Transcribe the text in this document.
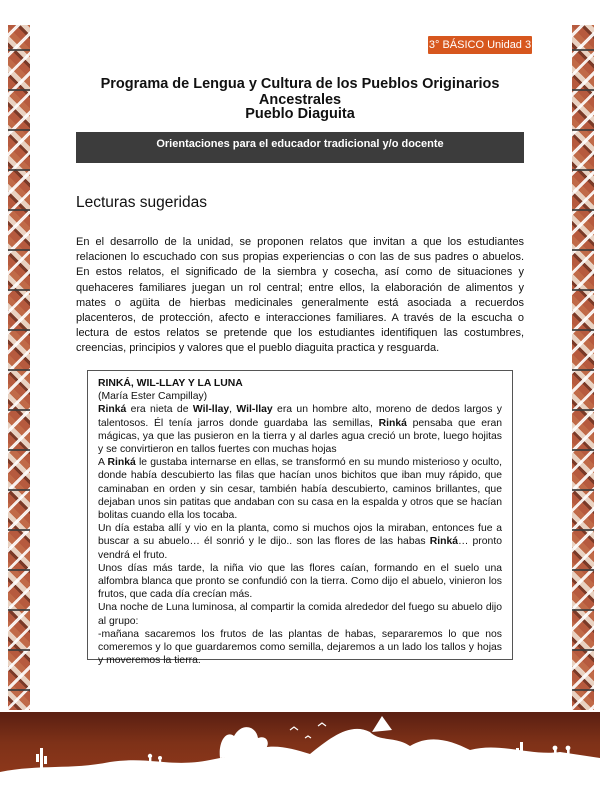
3° BÁSICO Unidad 3
Programa de Lengua y Cultura de los Pueblos Originarios Ancestrales
Pueblo Diaguita
Orientaciones para el educador tradicional y/o docente
Lecturas sugeridas

En el desarrollo de la unidad, se proponen relatos que invitan a que los estudiantes relacionen lo escuchado con sus propias experiencias o con las de sus padres o abuelos. En estos relatos, el significado de la siembra y cosecha, así como de situaciones y quehaceres familiares juegan un rol central; entre ellos, la elaboración de alimentos y mates o agüita de hierbas medicinales generalmente está asociada a recuerdos placenteros, de protección, afecto e interacciones familiares. A través de la escucha o lectura de estos relatos se pretende que los estudiantes identifiquen las costumbres, creencias, principios y valores que el pueblo diaguita practica y resguarda.

RINKÁ, WIL-LLAY Y LA LUNA

(María Ester Campillay)

Rinká era nieta de Wil-llay, Wil-llay era un hombre alto, moreno de dedos largos y talentosos. Él tenía jarros donde guardaba las semillas, Rinká pensaba que eran mágicas, ya que las pusieron en la tierra y al darles agua creció un brote, luego hojitas y se convirtieron en tallos fuertes con muchas hojas

A Rinká le gustaba internarse en ellas, se transformó en su mundo misterioso y oculto, donde había descubierto las filas que hacían unos bichitos que iban muy rápido, que caminaban en orden y sin cesar, también había descubierto, caminos brillantes, que dejaban unos sin patitas que andaban con su casa en la espalda y otros que se hacían bolitas cuando ella los tocaba.

Un día estaba allí y vio en la planta, como si muchos ojos la miraban, entonces fue a buscar a su abuelo… él sonrió y le dijo.. son las flores de las habas Rinká… pronto vendrá el fruto.

Unos días más tarde, la niña vio que las flores caían, formando en el suelo una alfombra blanca que pronto se confundió con la tierra. Como dijo el abuelo, vinieron los frutos, que cada día crecían más.

Una noche de Luna luminosa, al compartir la comida alrededor del fuego su abuelo dijo al grupo:

-mañana sacaremos los frutos de las plantas de habas, separaremos lo que nos comeremos y lo que guardaremos como semilla, dejaremos a un lado los tallos y hojas y moveremos la tierra.
